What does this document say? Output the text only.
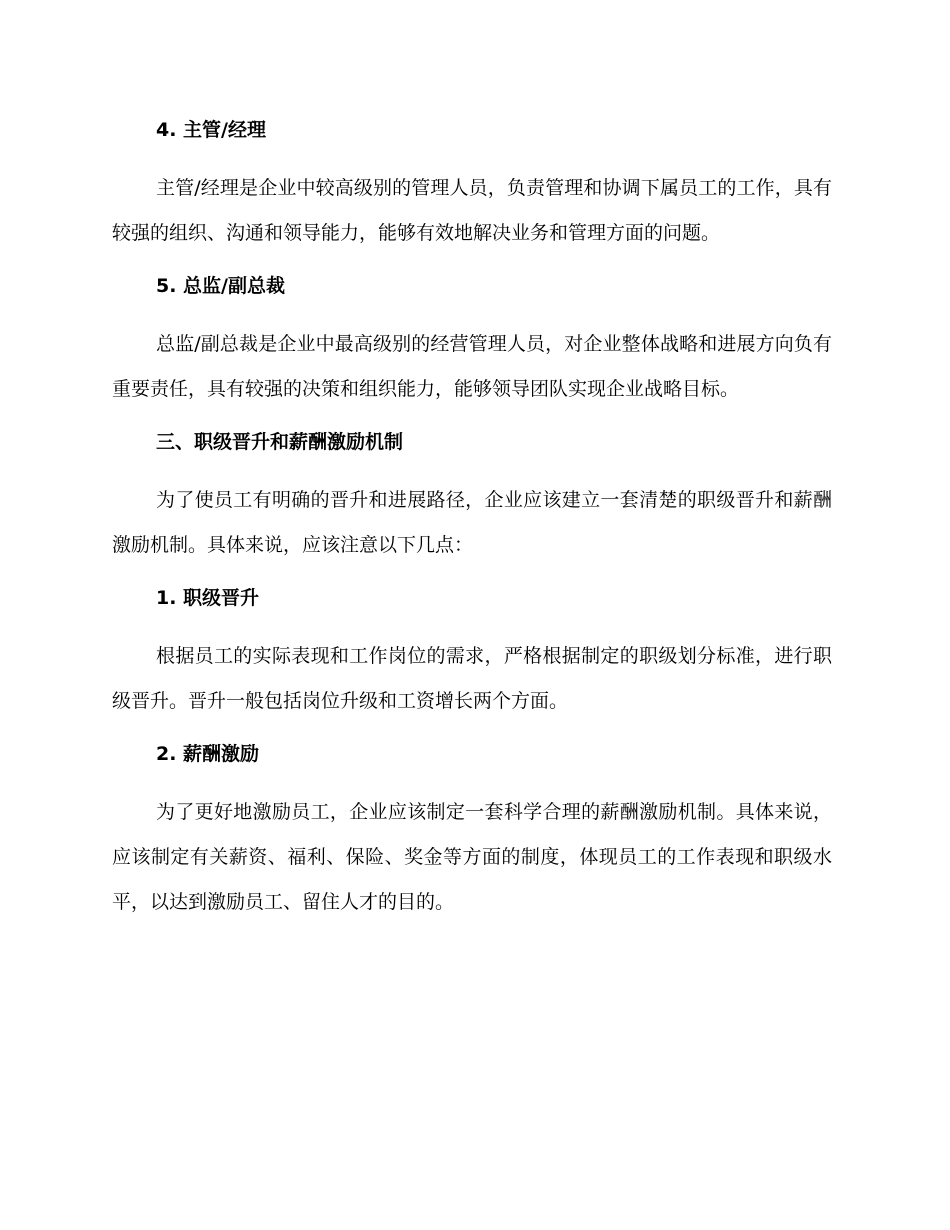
4. 主管/经理

主管/经理是企业中较高级别的管理人员，负责管理和协调下属员工的工作，具有较强的组织、沟通和领导能力，能够有效地解决业务和管理方面的问题。

5. 总监/副总裁

总监/副总裁是企业中最高级别的经营管理人员，对企业整体战略和进展方向负有重要责任，具有较强的决策和组织能力，能够领导团队实现企业战略目标。

三、职级晋升和薪酬激励机制

为了使员工有明确的晋升和进展路径，企业应该建立一套清楚的职级晋升和薪酬激励机制。具体来说，应该注意以下几点：

1. 职级晋升

根据员工的实际表现和工作岗位的需求，严格根据制定的职级划分标准，进行职级晋升。晋升一般包括岗位升级和工资增长两个方面。

2. 薪酬激励

为了更好地激励员工，企业应该制定一套科学合理的薪酬激励机制。具体来说，应该制定有关薪资、福利、保险、奖金等方面的制度，体现员工的工作表现和职级水平，以达到激励员工、留住人才的目的。
